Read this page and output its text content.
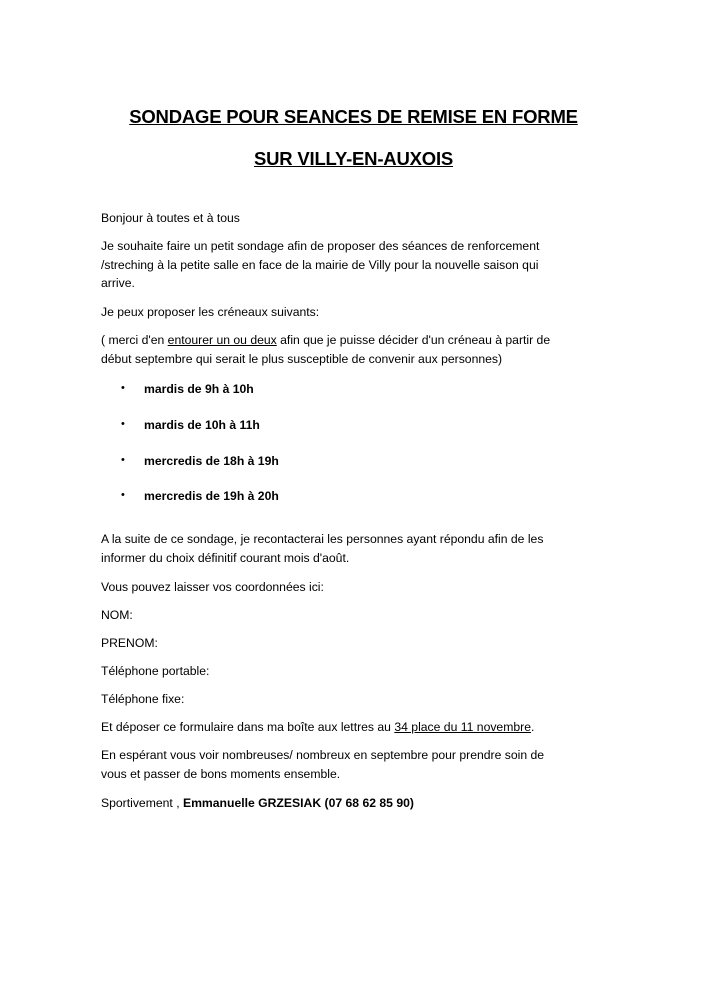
SONDAGE POUR SEANCES DE REMISE EN FORME
SUR VILLY-EN-AUXOIS
Bonjour à toutes et à tous
Je souhaite faire un petit sondage afin de proposer des séances de renforcement
/streching à la petite salle en face de la mairie de Villy pour la nouvelle saison qui
arrive.
Je peux proposer les créneaux suivants:
( merci d'en entourer un ou deux afin que je puisse décider d'un créneau à partir de
début septembre qui serait le plus susceptible de convenir aux personnes)
• mardis de 9h à 10h
• mardis de 10h à 11h
• mercredis de 18h à 19h
• mercredis de 19h à 20h
A la suite de ce sondage, je recontacterai les personnes ayant répondu afin de les
informer du choix définitif courant mois d'août.
Vous pouvez laisser vos coordonnées ici:
NOM:
PRENOM:
Téléphone portable:
Téléphone fixe:
Et déposer ce formulaire dans ma boîte aux lettres au 34 place du 11 novembre.
En espérant vous voir nombreuses/ nombreux en septembre pour prendre soin de
vous et passer de bons moments ensemble.
Sportivement , Emmanuelle GRZESIAK (07 68 62 85 90)
